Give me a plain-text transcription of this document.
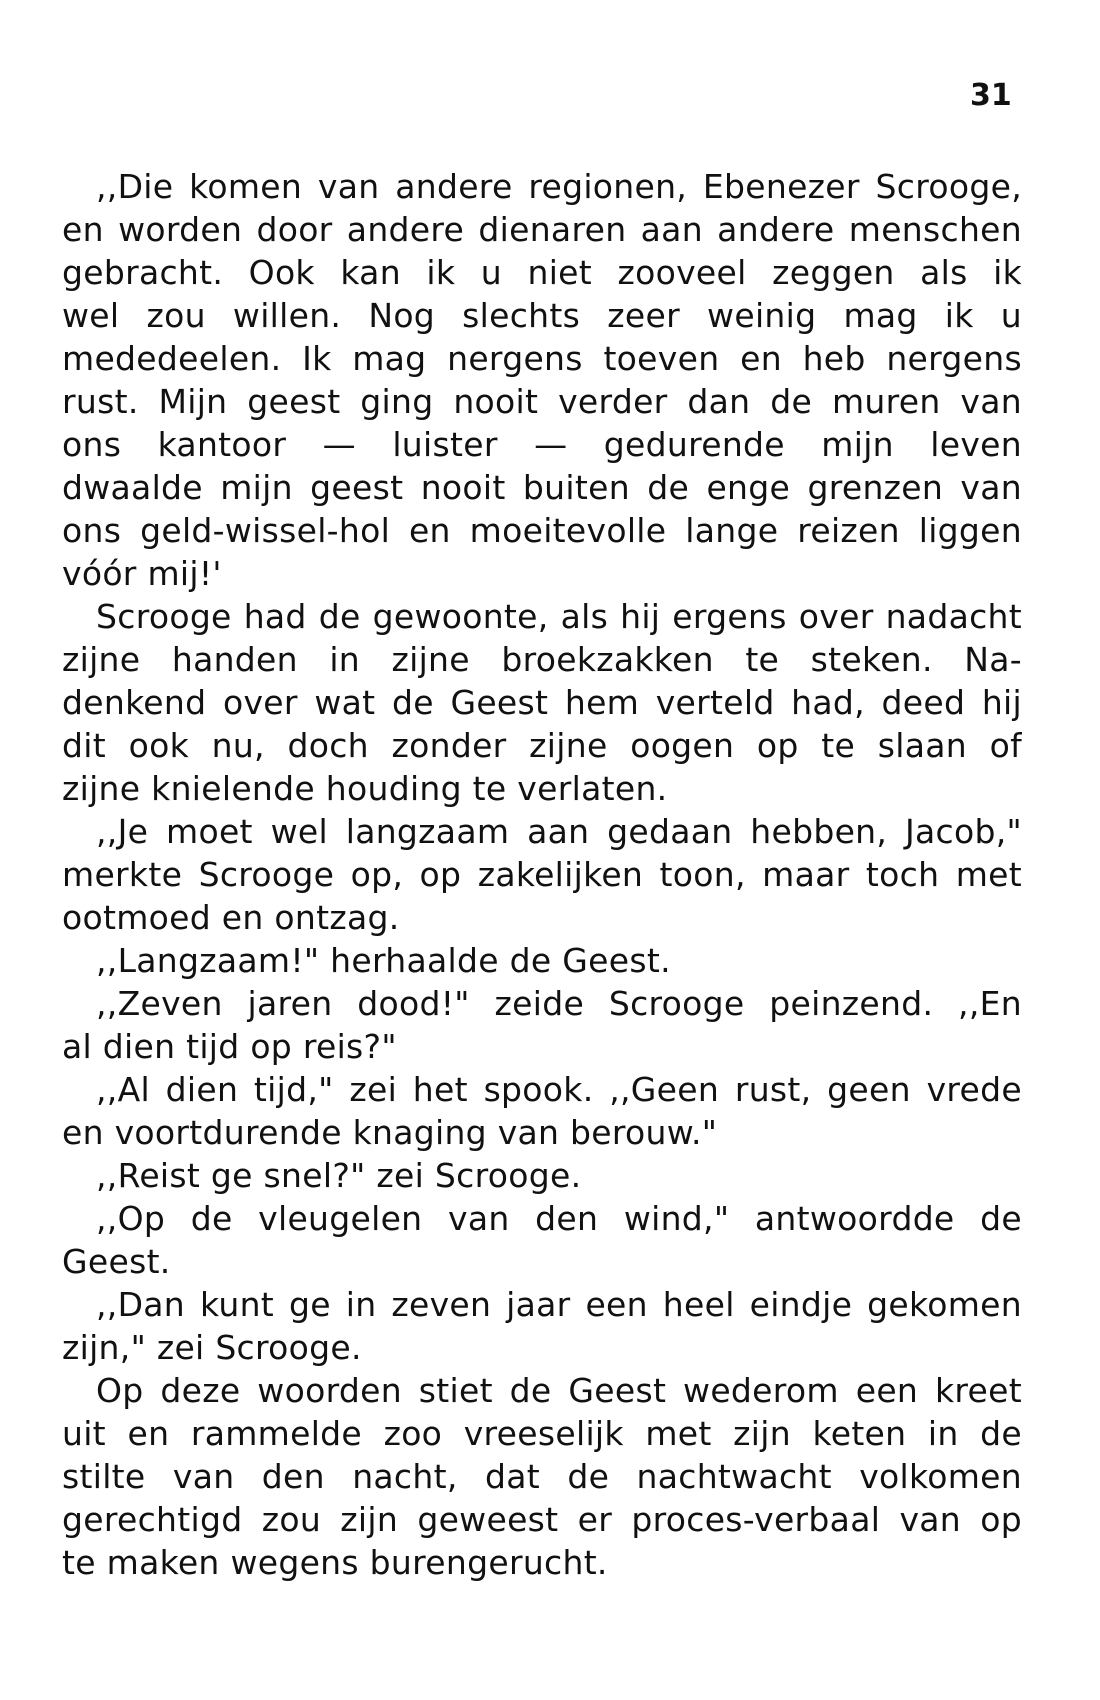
31
,,Die komen van andere regionen, Ebenezer Scrooge,
en worden door andere dienaren aan andere menschen
gebracht. Ook kan ik u niet zooveel zeggen als ik
wel zou willen. Nog slechts zeer weinig mag ik u
mededeelen. Ik mag nergens toeven en heb nergens
rust. Mijn geest ging nooit verder dan de muren van
ons kantoor — luister — gedurende mijn leven
dwaalde mijn geest nooit buiten de enge grenzen van
ons geld-wissel-hol en moeitevolle lange reizen liggen
vóór mij!'
Scrooge had de gewoonte, als hij ergens over nadacht
zijne handen in zijne broekzakken te steken. Na-
denkend over wat de Geest hem verteld had, deed hij
dit ook nu, doch zonder zijne oogen op te slaan of
zijne knielende houding te verlaten.
,,Je moet wel langzaam aan gedaan hebben, Jacob,"
merkte Scrooge op, op zakelijken toon, maar toch met
ootmoed en ontzag.
,,Langzaam!" herhaalde de Geest.
,,Zeven jaren dood!" zeide Scrooge peinzend. ,,En
al dien tijd op reis?"
,,Al dien tijd," zei het spook. ,,Geen rust, geen vrede
en voortdurende knaging van berouw."
,,Reist ge snel?" zei Scrooge.
,,Op de vleugelen van den wind," antwoordde de
Geest.
,,Dan kunt ge in zeven jaar een heel eindje gekomen
zijn," zei Scrooge.
Op deze woorden stiet de Geest wederom een kreet
uit en rammelde zoo vreeselijk met zijn keten in de
stilte van den nacht, dat de nachtwacht volkomen
gerechtigd zou zijn geweest er proces-verbaal van op
te maken wegens burengerucht.
